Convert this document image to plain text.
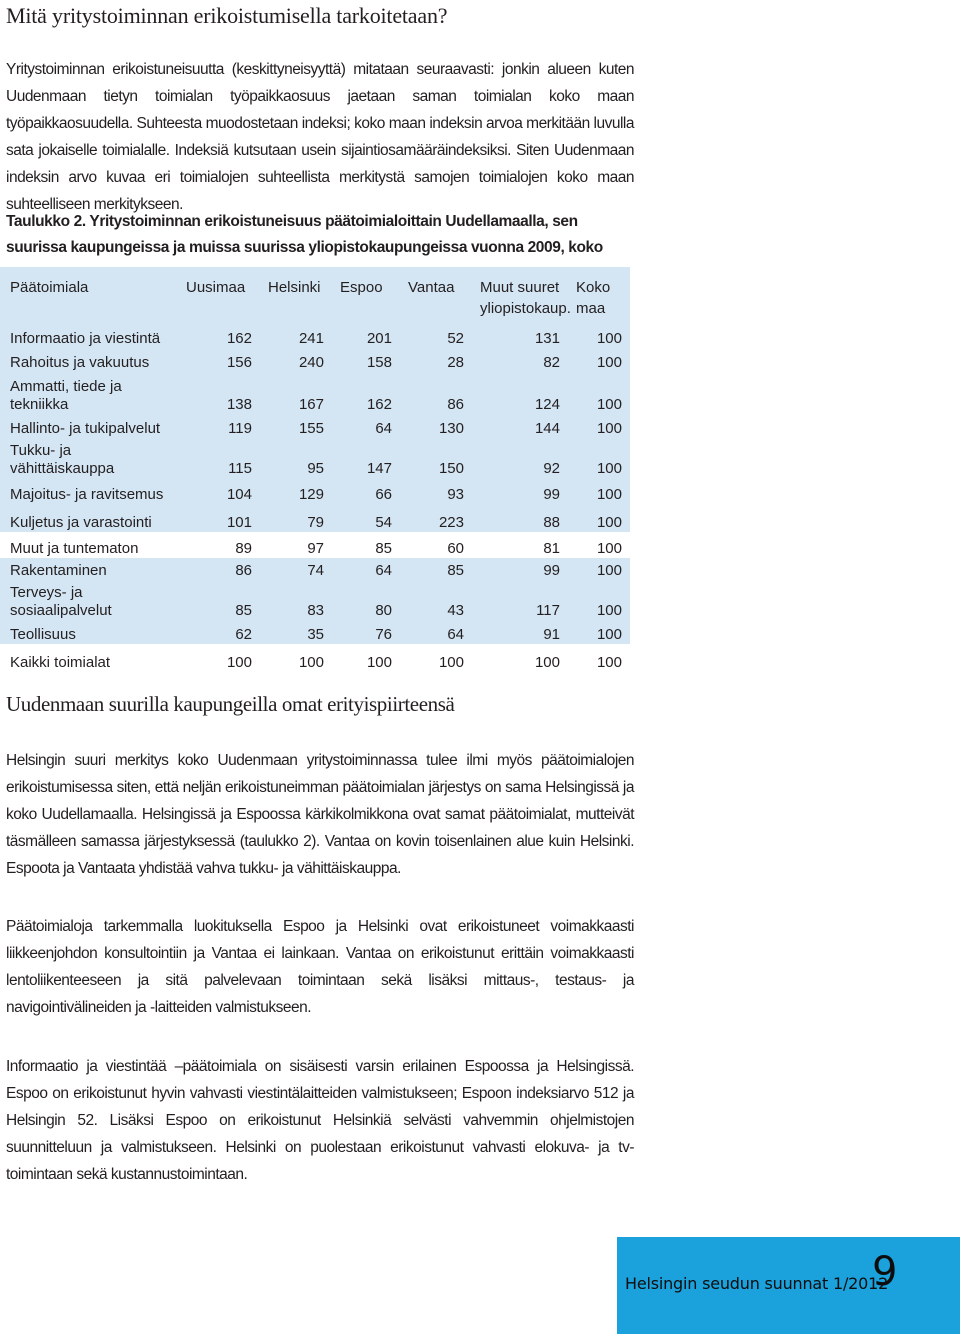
Mitä yritystoiminnan erikoistumisella tarkoitetaan?

Yritystoiminnan erikoistuneisuutta (keskittyneisyyttä) mitataan seuraavasti: jonkin alueen kuten Uudenmaan tietyn toimialan työpaikkaosuus jaetaan saman toimialan koko maan työpaikkaosuudella. Suhteesta muodostetaan indeksi; koko maan indeksin arvoa merkitään luvulla sata jokaiselle toimialalle. Indeksiä kutsutaan usein sijaintiosamääräindeksiksi. Siten Uudenmaan indeksin arvo kuvaa eri toimialojen suhteellista merkitystä samojen toimialojen koko maan suhteelliseen merkitykseen.

Taulukko 2. Yritystoiminnan erikoistuneisuus päätoimialoittain Uudellamaalla, sen suurissa kaupungeissa ja muissa suurissa yliopistokaupungeissa vuonna 2009, koko

Päätoimiala	Uusimaa	Helsinki	Espoo	Vantaa	Muut suuret yliopistokaup.	Koko maa
Informaatio ja viestintä	162	241	201	52	131	100
Rahoitus ja vakuutus	156	240	158	28	82	100
Ammatti, tiede ja tekniikka	138	167	162	86	124	100
Hallinto- ja tukipalvelut	119	155	64	130	144	100
Tukku- ja vähittäiskauppa	115	95	147	150	92	100
Majoitus- ja ravitsemus	104	129	66	93	99	100
Kuljetus ja varastointi	101	79	54	223	88	100
Muut ja tuntematon	89	97	85	60	81	100
Rakentaminen	86	74	64	85	99	100
Terveys- ja sosiaalipalvelut	85	83	80	43	117	100
Teollisuus	62	35	76	64	91	100
Kaikki toimialat	100	100	100	100	100	100
Uudenmaan suurilla kaupungeilla omat erityispiirteensä

Helsingin suuri merkitys koko Uudenmaan yritystoiminnassa tulee ilmi myös päätoimialojen erikoistumisessa siten, että neljän erikoistuneimman päätoimialan järjestys on sama Helsingissä ja koko Uudellamaalla. Helsingissä ja Espoossa kärkikolmikkona ovat samat päätoimialat, mutteivät täsmälleen samassa järjestyksessä (taulukko 2). Vantaa on kovin toisenlainen alue kuin Helsinki. Espoota ja Vantaata yhdistää vahva tukku- ja vähittäiskauppa.

Päätoimialoja tarkemmalla luokituksella Espoo ja Helsinki ovat erikoistuneet voimakkaasti liikkeenjohdon konsultointiin ja Vantaa ei lainkaan. Vantaa on erikoistunut erittäin voimakkaasti lentoliikenteeseen ja sitä palvelevaan toimintaan sekä lisäksi mittaus-, testaus- ja navigointivälineiden ja -laitteiden valmistukseen.

Informaatio ja viestintää –päätoimiala on sisäisesti varsin erilainen Espoossa ja Helsingissä. Espoo on erikoistunut hyvin vahvasti viestintälaitteiden valmistukseen; Espoon indeksiarvo 512 ja Helsingin 52. Lisäksi Espoo on erikoistunut Helsinkiä selvästi vahvemmin ohjelmistojen suunnitteluun ja valmistukseen. Helsinki on puolestaan erikoistunut vahvasti elokuva- ja tv-toimintaan sekä kustannustoimintaan.

Helsingin seudun suunnat 1/2012
9
